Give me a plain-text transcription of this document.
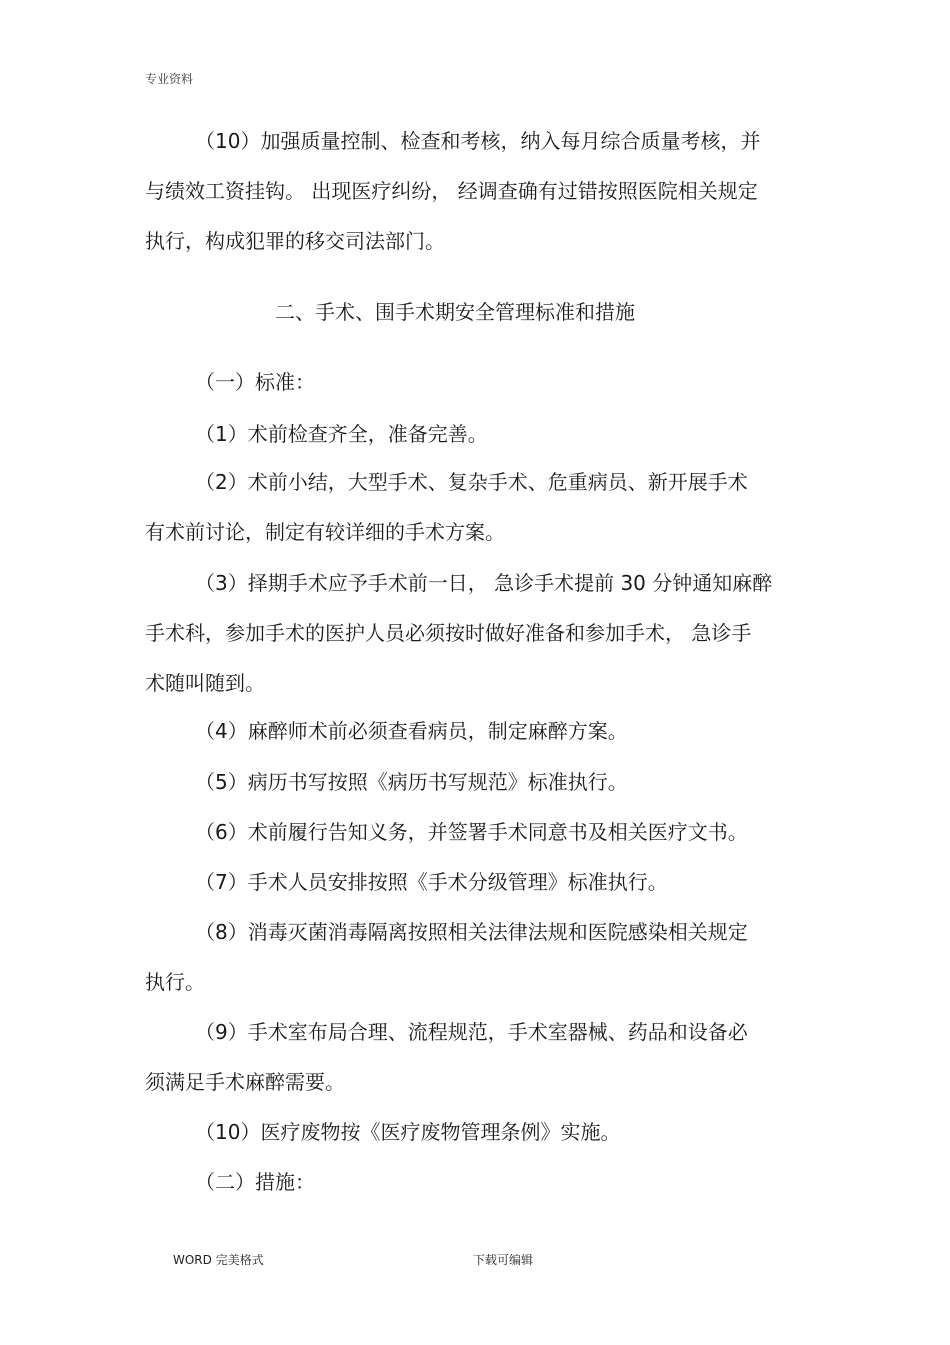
专业资料
（10）加强质量控制、检查和考核，纳入每月综合质量考核，并
与绩效工资挂钩。 出现医疗纠纷， 经调查确有过错按照医院相关规定
执行，构成犯罪的移交司法部门。
二、手术、围手术期安全管理标准和措施
（一）标准：
（1）术前检查齐全，准备完善。
（2）术前小结，大型手术、复杂手术、危重病员、新开展手术
有术前讨论，制定有较详细的手术方案。
（3）择期手术应予手术前一日， 急诊手术提前 30 分钟通知麻醉
手术科，参加手术的医护人员必须按时做好准备和参加手术， 急诊手
术随叫随到。
（4）麻醉师术前必须查看病员，制定麻醉方案。
（5）病历书写按照《病历书写规范》标准执行。
（6）术前履行告知义务，并签署手术同意书及相关医疗文书。
（7）手术人员安排按照《手术分级管理》标准执行。
（8）消毒灭菌消毒隔离按照相关法律法规和医院感染相关规定
执行。
（9）手术室布局合理、流程规范，手术室器械、药品和设备必
须满足手术麻醉需要。
（10）医疗废物按《医疗废物管理条例》实施。
（二）措施：
WORD 完美格式	下载可编辑
